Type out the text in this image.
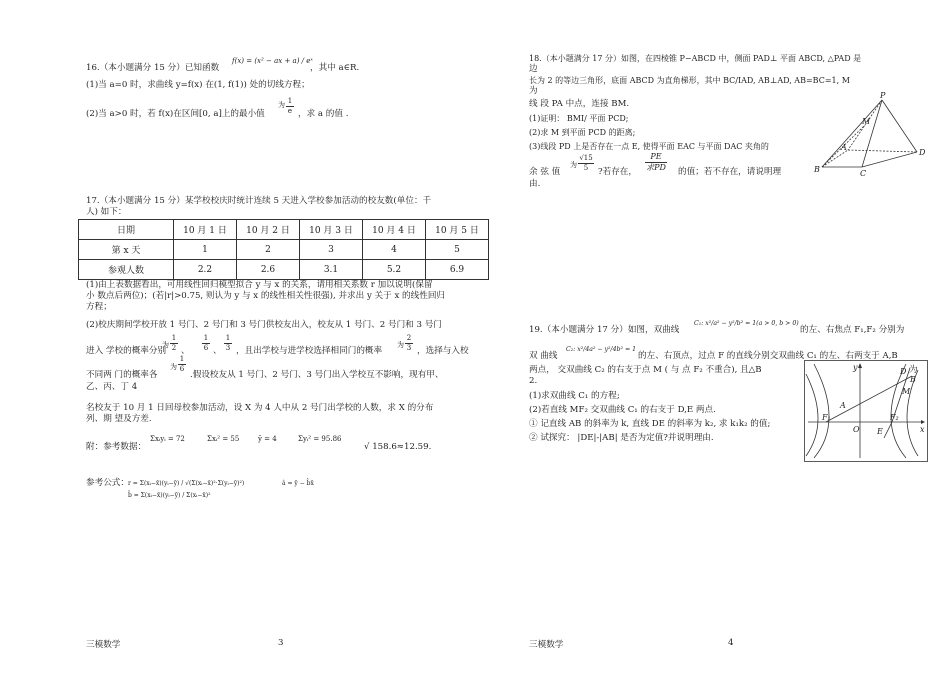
16.（本小题满分 15 分）已知函数
f(x) = (x² − ax + a) / eˣ
，其中 a∈R.
(1)当 a=0 时，求曲线 y=f(x) 在(1, f(1)) 处的切线方程；
(2)当 a>0 时，若 f(x)在区间[0, a]上的最小值
为 $\frac{1}{e}$ ，求 a 的值 .
17.（本小题满分 15 分）某学校校庆时统计连续 5 天进入学校参加活动的校友数(单位：千
人) 如下：
日期	10 月 1 日	10 月 2 日	10 月 3 日	10 月 4 日	10 月 5 日
第 x 天	1	2	3	4	5
参观人数	2.2	2.6	3.1	5.2	6.9
(1)由上表数据看出，可用线性回归模型拟合 y 与 x 的关系，请用相关系数 r 加以说明(保留
小 数点后两位)；(若|r|>0.75, 则认为 y 与 x 的线性相关性很强), 并求出 y 关于 x 的线性回归
方程；
(2)校庆期间学校开放 1 号门、2 号门和 3 号门供校友出入，校友从 1 号门、2 号门和 3 号门
进入 学校的概率分别
为 $\frac{1}{2}$ 、 $\frac{1}{6}$ 、 $\frac{1}{3}$ ，且出学校与进学校选择相同门的概率
为 $\frac{2}{3}$ ，选择与入校
不同两 门的概率各
为 $\frac{1}{6}$
.假设校友从 1 号门、2 号门、3 号门出入学校互不影响，现有甲、
乙、丙、丁 4
名校友于 10 月 1 日回母校参加活动，设 X 为 4 人中从 2 号门出学校的人数，求 X 的分布
列、期 望及方差.
附：参考数据：
Σxᵢyᵢ = 72	Σxᵢ² = 55	ȳ = 4	Σyᵢ² = 95.86
√ 158.6≈12.59.
参考公式： r = Σ(xᵢ−x̄)(yᵢ−ȳ) / √(Σ(xᵢ−x̄)²·Σ(yᵢ−ȳ)²)
b̂ = Σ(xᵢ−x̄)(yᵢ−ȳ) / Σ(xᵢ−x̄)²
â = ȳ − b̂x̄
三模数学	3
18.（本小题满分 17 分）如图，在四棱锥 P−ABCD 中，侧面 PAD⊥ 平面 ABCD, △PAD 是
边
长为 2 的等边三角形，底面 ABCD 为直角梯形，其中 BC/IAD, AB⊥AD, AB=BC=1, M
为
线 段 PA 中点，连接 BM.
(1)证明： BMI/ 平面 PCD;
(2)求 M 到平面 PCD 的距离;
(3)线段 PD 上是否存在一点 E, 使得平面 EAC 与平面 DAC 夹角的
余 弦 值
为 $\frac{√15}{5}$ ?若存在，
PE
求PD 的值；若不存在，请说明理
由.
P
M
A
B	C
D
19.（本小题满分 17 分）如图，双曲线
C₁: x²/a² − y²/b² = 1(a > 0, b > 0)
的左、右焦点 F₁,F₂ 分别为
双 曲线
C₂: x²/4a² − y²/4b² = 1
的左、右顶点，过点 F 的直线分别交双曲线 C₁ 的左、右两支于 A,B
两点， 交双曲线 C₂ 的右支于点 M ( 与 点 F₂ 不重合), 且△B	为
2.
(1)求双曲线 C₁ 的方程;
(2)若直线 MF₂ 交双曲线 C₁ 的右支于 D,E 两点.
① 记直线 AB 的斜率为 k, 直线 DE 的斜率为 k₂, 求 k₁k₂ 的值;
② 试探究： |DE|-|AB| 是否为定值?并说明理由.
y
x
O
A
B
M
D
E
F₁	F₂
三模数学	4
